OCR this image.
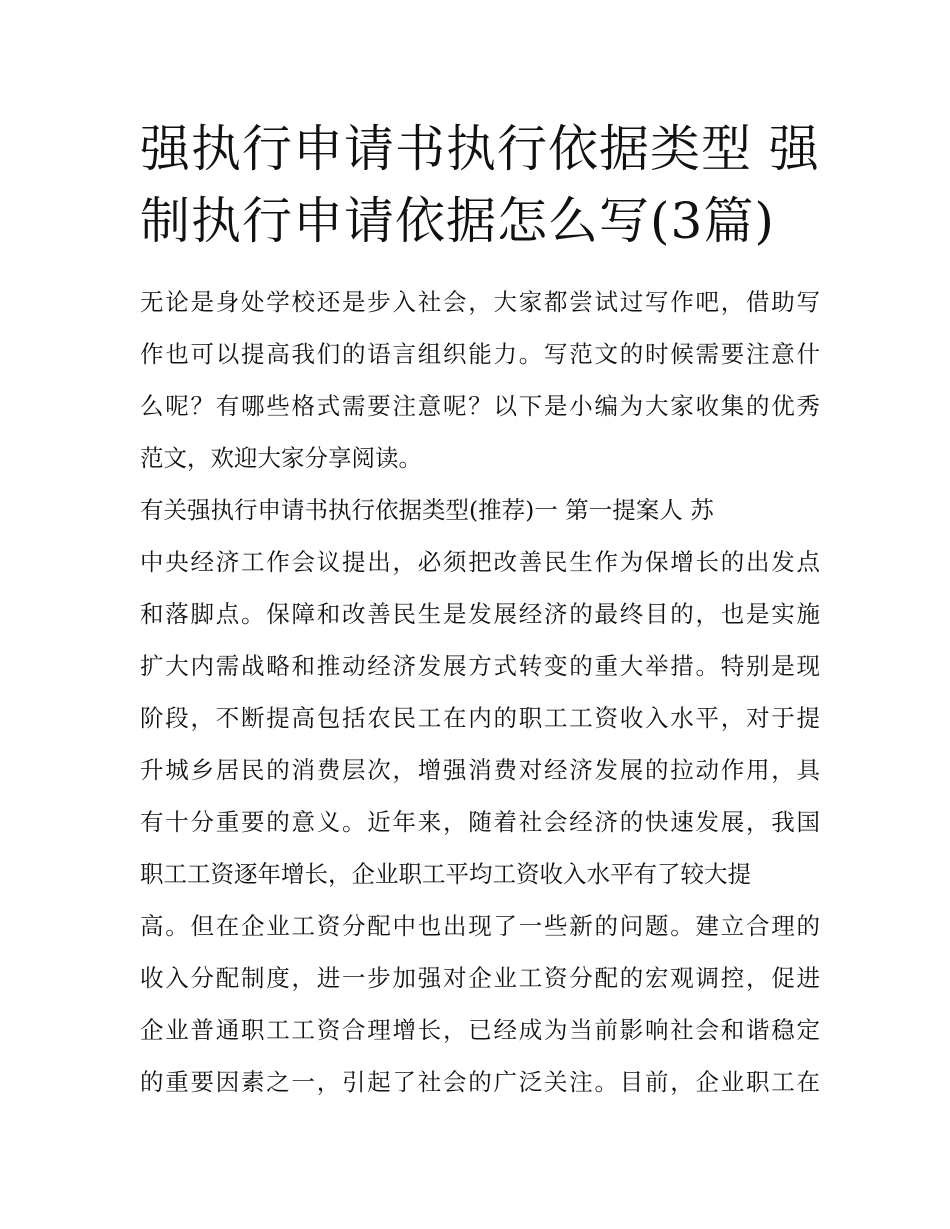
强执行申请书执行依据类型 强
制执行申请依据怎么写(3篇)
无论是身处学校还是步入社会，大家都尝试过写作吧，借助写
作也可以提高我们的语言组织能力。写范文的时候需要注意什
么呢？有哪些格式需要注意呢？以下是小编为大家收集的优秀
范文，欢迎大家分享阅读。
有关强执行申请书执行依据类型(推荐)一 第一提案人 苏
中央经济工作会议提出，必须把改善民生作为保增长的出发点
和落脚点。保障和改善民生是发展经济的最终目的，也是实施
扩大内需战略和推动经济发展方式转变的重大举措。特别是现
阶段，不断提高包括农民工在内的职工工资收入水平，对于提
升城乡居民的消费层次，增强消费对经济发展的拉动作用，具
有十分重要的意义。近年来，随着社会经济的快速发展，我国
职工工资逐年增长，企业职工平均工资收入水平有了较大提
高。但在企业工资分配中也出现了一些新的问题。建立合理的
收入分配制度，进一步加强对企业工资分配的宏观调控，促进
企业普通职工工资合理增长，已经成为当前影响社会和谐稳定
的重要因素之一，引起了社会的广泛关注。目前，企业职工在
